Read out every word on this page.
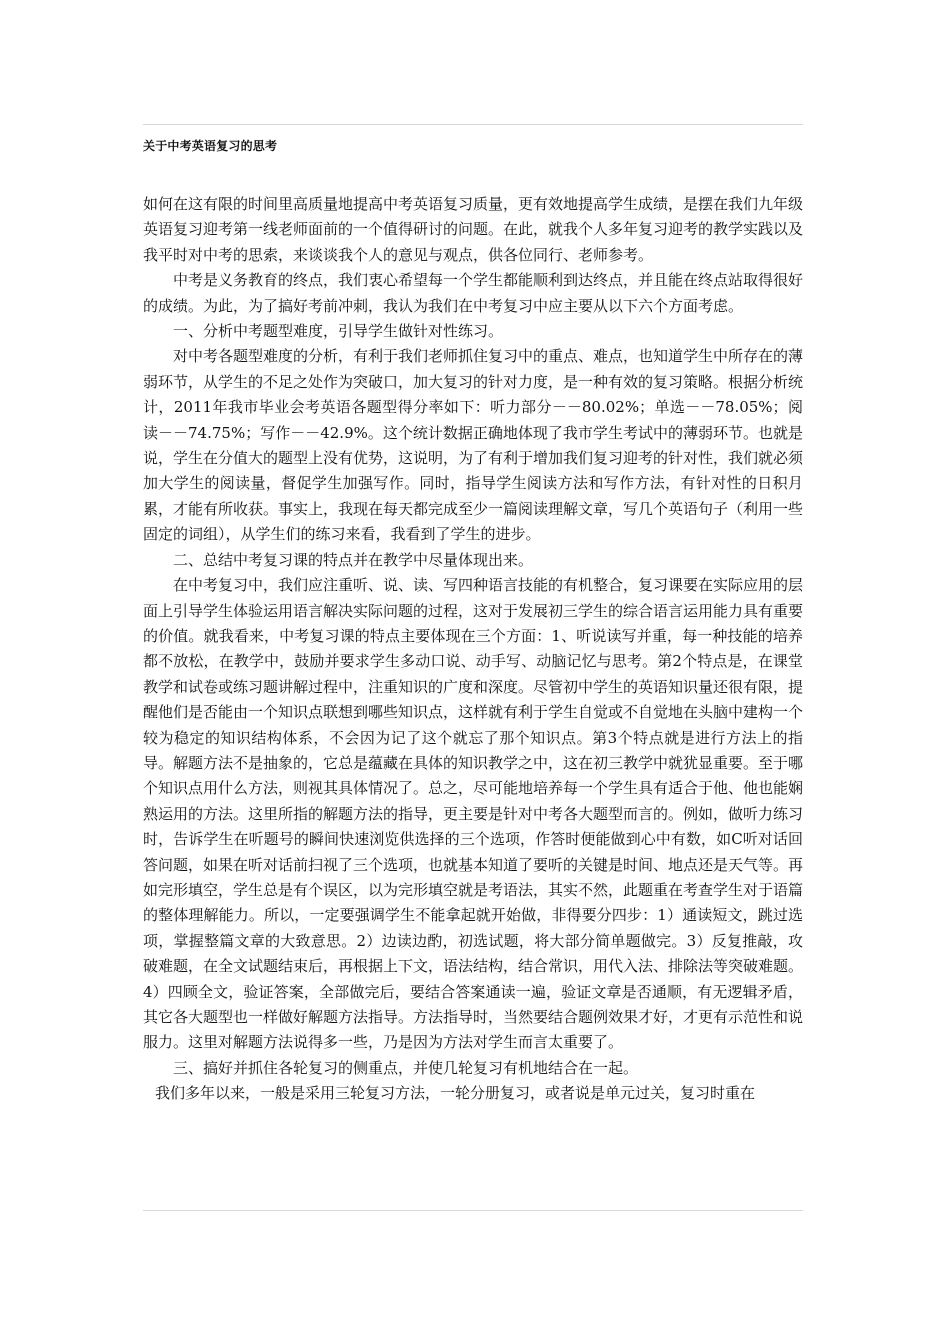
关于中考英语复习的思考

如何在这有限的时间里高质量地提高中考英语复习质量，更有效地提高学生成绩，是摆在我们九年级英语复习迎考第一线老师面前的一个值得研讨的问题。在此，就我个人多年复习迎考的教学实践以及我平时对中考的思索，来谈谈我个人的意见与观点，供各位同行、老师参考。

中考是义务教育的终点，我们衷心希望每一个学生都能顺利到达终点，并且能在终点站取得很好的成绩。为此，为了搞好考前冲刺，我认为我们在中考复习中应主要从以下六个方面考虑。

一、分析中考题型难度，引导学生做针对性练习。

对中考各题型难度的分析，有利于我们老师抓住复习中的重点、难点，也知道学生中所存在的薄弱环节，从学生的不足之处作为突破口，加大复习的针对力度，是一种有效的复习策略。根据分析统计，2011年我市毕业会考英语各题型得分率如下：听力部分－－80.02%；单选－－78.05%；阅读－－74.75%；写作－－42.9%。这个统计数据正确地体现了我市学生考试中的薄弱环节。也就是说，学生在分值大的题型上没有优势，这说明，为了有利于增加我们复习迎考的针对性，我们就必须加大学生的阅读量，督促学生加强写作。同时，指导学生阅读方法和写作方法，有针对性的日积月累，才能有所收获。事实上，我现在每天都完成至少一篇阅读理解文章，写几个英语句子（利用一些固定的词组），从学生们的练习来看，我看到了学生的进步。

二、总结中考复习课的特点并在教学中尽量体现出来。

在中考复习中，我们应注重听、说、读、写四种语言技能的有机整合，复习课要在实际应用的层面上引导学生体验运用语言解决实际问题的过程，这对于发展初三学生的综合语言运用能力具有重要的价值。就我看来，中考复习课的特点主要体现在三个方面：1、听说读写并重，每一种技能的培养都不放松，在教学中，鼓励并要求学生多动口说、动手写、动脑记忆与思考。第2个特点是，在课堂教学和试卷或练习题讲解过程中，注重知识的广度和深度。尽管初中学生的英语知识量还很有限，提醒他们是否能由一个知识点联想到哪些知识点，这样就有利于学生自觉或不自觉地在头脑中建构一个较为稳定的知识结构体系，不会因为记了这个就忘了那个知识点。第3个特点就是进行方法上的指导。解题方法不是抽象的，它总是蕴藏在具体的知识教学之中，这在初三教学中就犹显重要。至于哪个知识点用什么方法，则视其具体情况了。总之，尽可能地培养每一个学生具有适合于他、他也能娴熟运用的方法。这里所指的解题方法的指导，更主要是针对中考各大题型而言的。例如，做听力练习时，告诉学生在听题号的瞬间快速浏览供选择的三个选项，作答时便能做到心中有数，如C听对话回答问题，如果在听对话前扫视了三个选项，也就基本知道了要听的关键是时间、地点还是天气等。再如完形填空，学生总是有个误区，以为完形填空就是考语法，其实不然，此题重在考查学生对于语篇的整体理解能力。所以，一定要强调学生不能拿起就开始做，非得要分四步：1）通读短文，跳过选项，掌握整篇文章的大致意思。2）边读边酌，初选试题，将大部分简单题做完。3）反复推敲，攻破难题，在全文试题结束后，再根据上下文，语法结构，结合常识，用代入法、排除法等突破难题。4）四顾全文，验证答案，全部做完后，要结合答案通读一遍，验证文章是否通顺，有无逻辑矛盾，其它各大题型也一样做好解题方法指导。方法指导时，当然要结合题例效果才好，才更有示范性和说服力。这里对解题方法说得多一些，乃是因为方法对学生而言太重要了。

三、搞好并抓住各轮复习的侧重点，并使几轮复习有机地结合在一起。

我们多年以来，一般是采用三轮复习方法，一轮分册复习，或者说是单元过关，复习时重在
